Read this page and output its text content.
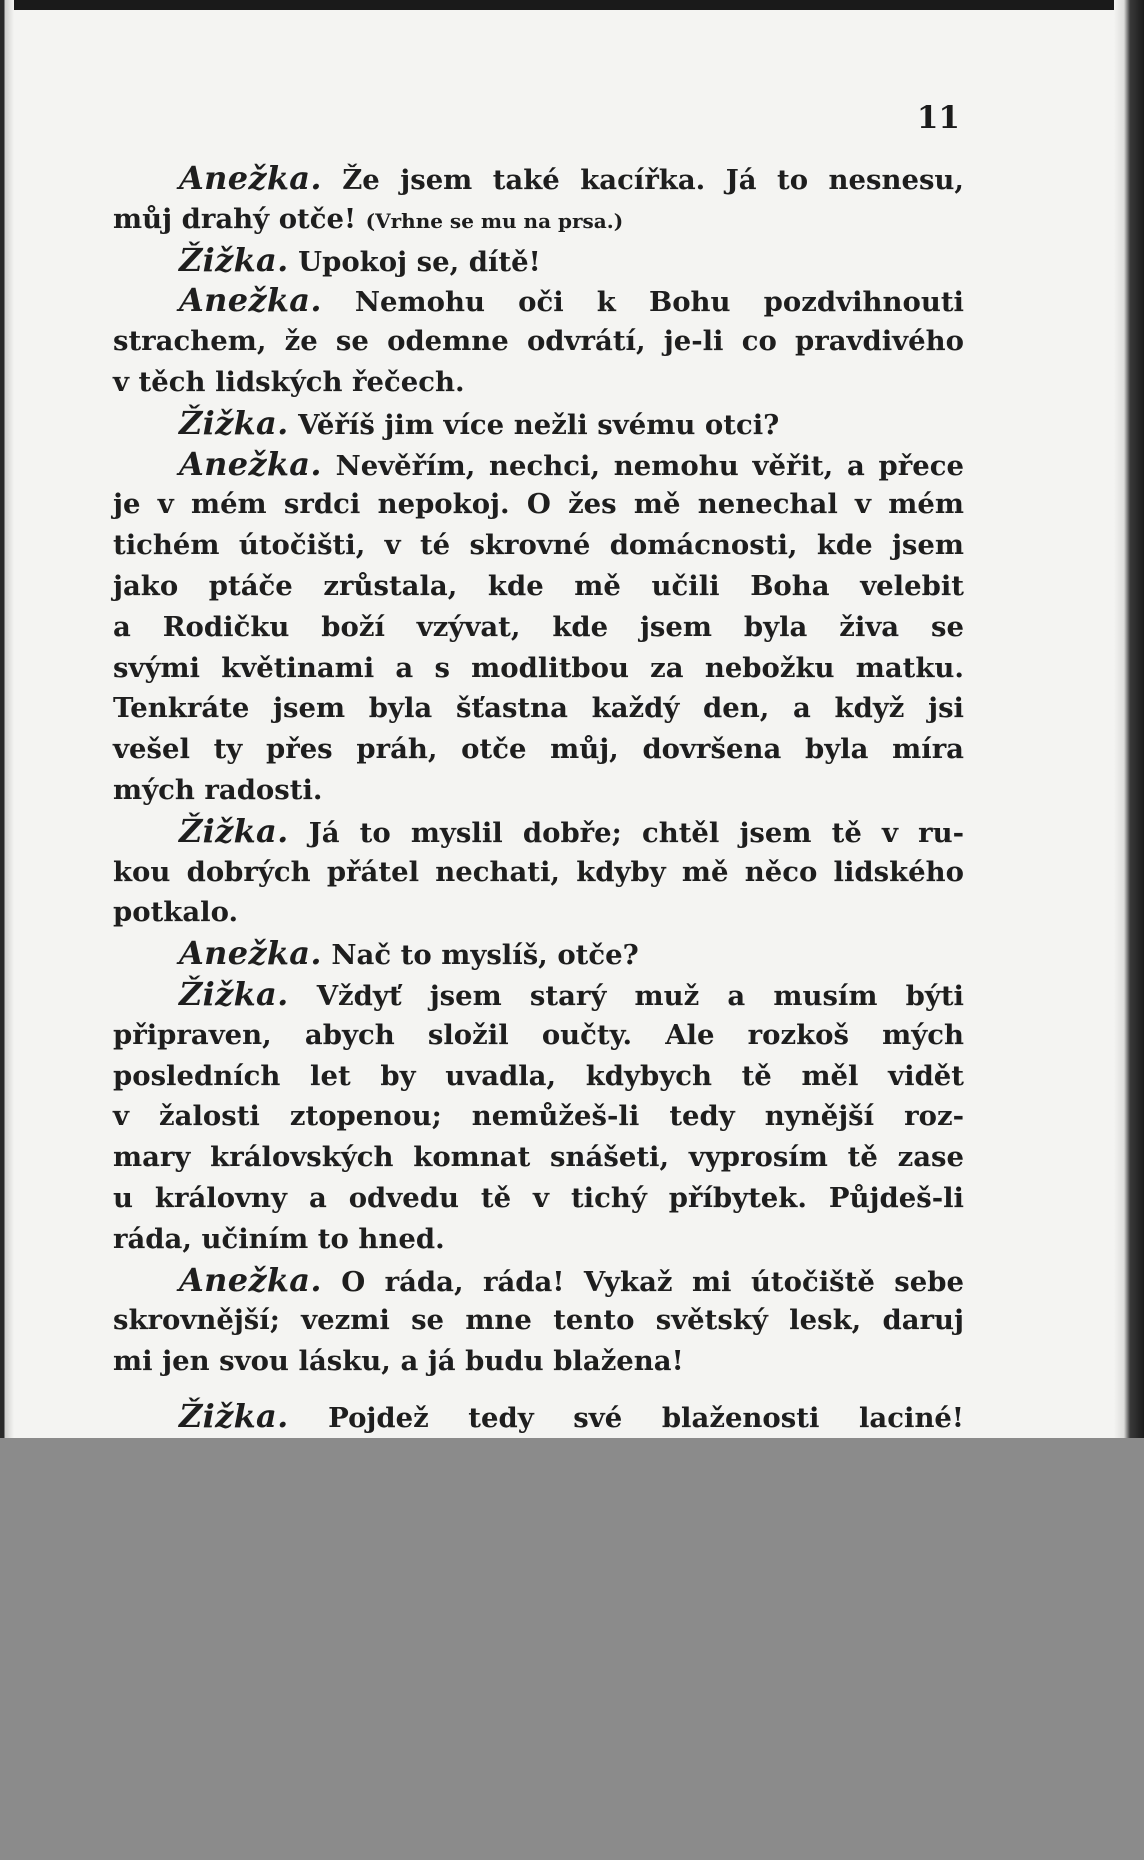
11
Anežka. Že jsem také kacířka. Já to nesnesu,
můj drahý otče! (Vrhne se mu na prsa.)
Žižka. Upokoj se, dítě!
Anežka. Nemohu oči k Bohu pozdvihnouti
strachem, že se odemne odvrátí, je-li co pravdivého
v těch lidských řečech.
Žižka. Věříš jim více nežli svému otci?
Anežka. Nevěřím, nechci, nemohu věřit, a přece
je v mém srdci nepokoj. O žes mě nenechal v mém
tichém útočišti, v té skrovné domácnosti, kde jsem
jako ptáče zrůstala, kde mě učili Boha velebit
a Rodičku boží vzývat, kde jsem byla živa se
svými květinami a s modlitbou za nebožku matku.
Tenkráte jsem byla šťastna každý den, a když jsi
vešel ty přes práh, otče můj, dovršena byla míra
mých radosti.
Žižka. Já to myslil dobře; chtěl jsem tě v ru-
kou dobrých přátel nechati, kdyby mě něco lidského
potkalo.
Anežka. Nač to myslíš, otče?
Žižka. Vždyť jsem starý muž a musím býti
připraven, abych složil oučty. Ale rozkoš mých
posledních let by uvadla, kdybych tě měl vidět
v žalosti ztopenou; nemůžeš-li tedy nynější roz-
mary královských komnat snášeti, vyprosím tě zase
u královny a odvedu tě v tichý příbytek. Půjdeš-li
ráda, učiním to hned.
Anežka. O ráda, ráda! Vykaž mi útočiště sebe
skrovnější; vezmi se mne tento světský lesk, daruj
mi jen svou lásku, a já budu blažena!
Žižka. Pojdež tedy své blaženosti laciné!
